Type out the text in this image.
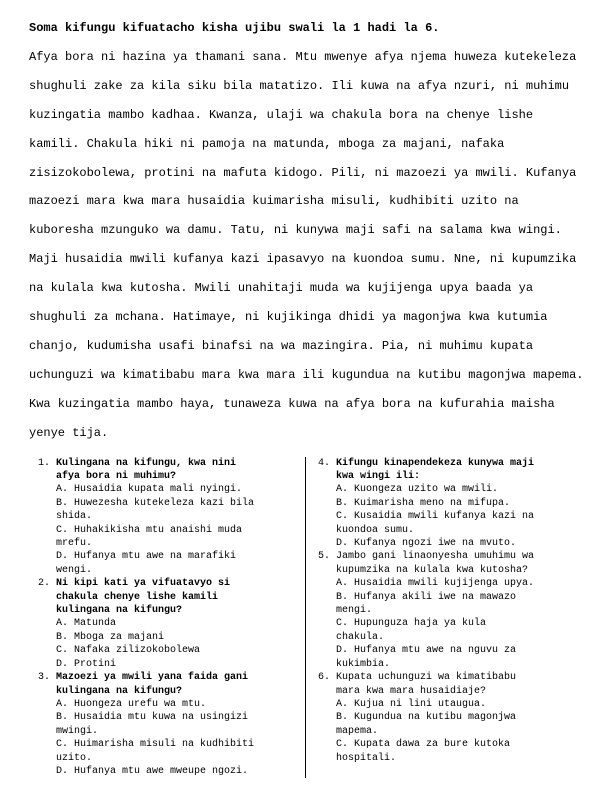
Soma kifungu kifuatacho kisha ujibu swali la 1 hadi la 6.
Afya bora ni hazina ya thamani sana. Mtu mwenye afya njema huweza kutekeleza
shughuli zake za kila siku bila matatizo. Ili kuwa na afya nzuri, ni muhimu
kuzingatia mambo kadhaa. Kwanza, ulaji wa chakula bora na chenye lishe
kamili. Chakula hiki ni pamoja na matunda, mboga za majani, nafaka
zisizokobolewa, protini na mafuta kidogo. Pili, ni mazoezi ya mwili. Kufanya
mazoezi mara kwa mara husaidia kuimarisha misuli, kudhibiti uzito na
kuboresha mzunguko wa damu. Tatu, ni kunywa maji safi na salama kwa wingi.
Maji husaidia mwili kufanya kazi ipasavyo na kuondoa sumu. Nne, ni kupumzika
na kulala kwa kutosha. Mwili unahitaji muda wa kujijenga upya baada ya
shughuli za mchana. Hatimaye, ni kujikinga dhidi ya magonjwa kwa kutumia
chanjo, kudumisha usafi binafsi na wa mazingira. Pia, ni muhimu kupata
uchunguzi wa kimatibabu mara kwa mara ili kugundua na kutibu magonjwa mapema.
Kwa kuzingatia mambo haya, tunaweza kuwa na afya bora na kufurahia maisha
yenye tija.
1. Kulingana na kifungu, kwa nini afya bora ni muhimu?
A. Husaidia kupata mali nyingi.
B. Huwezesha kutekeleza kazi bila shida.
C. Huhakikisha mtu anaishi muda mrefu.
D. Hufanya mtu awe na marafiki wengi.
2. Ni kipi kati ya vifuatavyo si chakula chenye lishe kamili kulingana na kifungu?
A. Matunda
B. Mboga za majani
C. Nafaka zilizokobolewa
D. Protini
3. Mazoezi ya mwili yana faida gani kulingana na kifungu?
A. Huongeza urefu wa mtu.
B. Husaidia mtu kuwa na usingizi mwingi.
C. Huimarisha misuli na kudhibiti uzito.
D. Hufanya mtu awe mweupe ngozi.
4. Kifungu kinapendekeza kunywa maji kwa wingi ili:
A. Kuongeza uzito wa mwili.
B. Kuimarisha meno na mifupa.
C. Kusaidia mwili kufanya kazi na kuondoa sumu.
D. Kufanya ngozi iwe na mvuto.
5. Jambo gani linaonyesha umuhimu wa kupumzika na kulala kwa kutosha?
A. Husaidia mwili kujijenga upya.
B. Hufanya akili iwe na mawazo mengi.
C. Hupunguza haja ya kula chakula.
D. Hufanya mtu awe na nguvu za kukimbia.
6. Kupata uchunguzi wa kimatibabu mara kwa mara husaidiaje?
A. Kujua ni lini utaugua.
B. Kugundua na kutibu magonjwa mapema.
C. Kupata dawa za bure kutoka hospitali.
